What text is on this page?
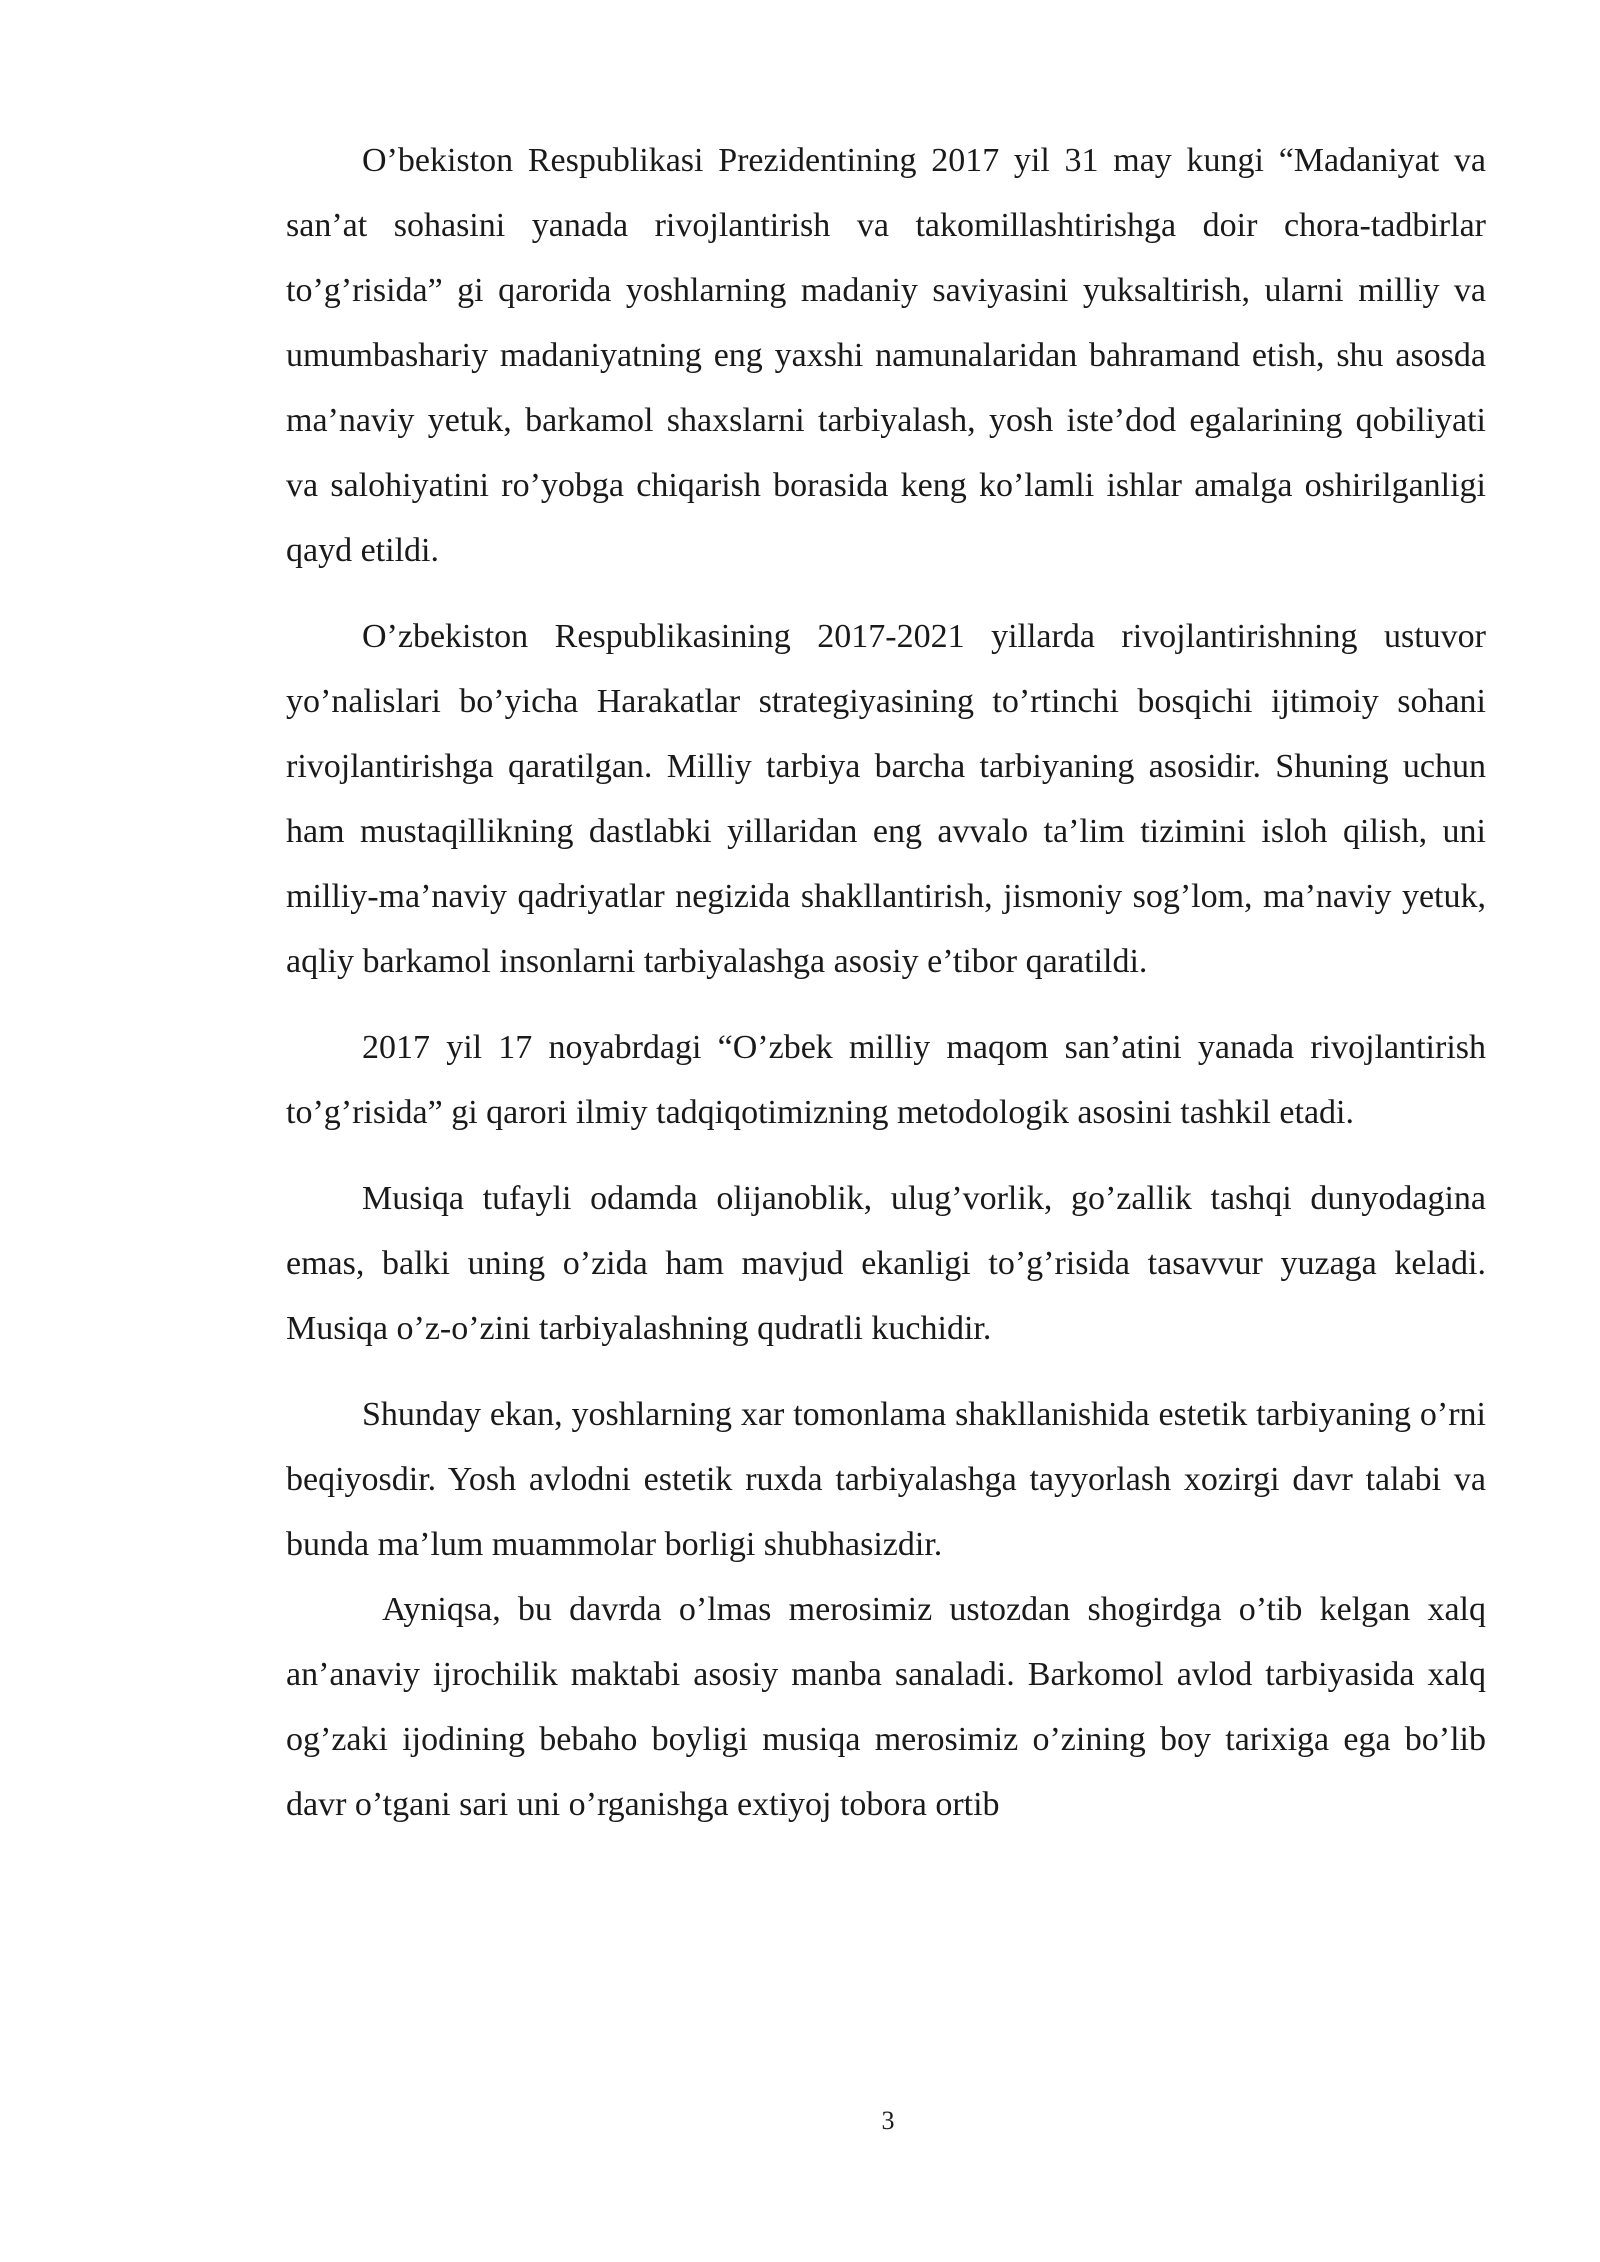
O’bekiston Respublikasi Prezidentining 2017 yil 31 may kungi “Madaniyat va san’at sohasini yanada rivojlantirish va takomillashtirishga doir chora-tadbirlar to’g’risida” gi qarorida yoshlarning madaniy saviyasini yuksaltirish, ularni milliy va umumbashariy madaniyatning eng yaxshi namunalaridan bahramand etish, shu asosda ma’naviy yetuk, barkamol shaxslarni tarbiyalash, yosh iste’dod egalarining qobiliyati va salohiyatini ro’yobga chiqarish borasida keng ko’lamli ishlar amalga oshirilganligi qayd etildi.

O’zbekiston Respublikasining 2017-2021 yillarda rivojlantirishning ustuvor yo’nalislari bo’yicha Harakatlar strategiyasining to’rtinchi bosqichi ijtimoiy sohani rivojlantirishga qaratilgan. Milliy tarbiya barcha tarbiyaning asosidir. Shuning uchun ham mustaqillikning dastlabki yillaridan eng avvalo ta’lim tizimini isloh qilish, uni milliy-ma’naviy qadriyatlar negizida shakllantirish, jismoniy sog’lom, ma’naviy yetuk, aqliy barkamol insonlarni tarbiyalashga asosiy e’tibor qaratildi.

2017 yil 17 noyabrdagi “O’zbek milliy maqom san’atini yanada rivojlantirish to’g’risida” gi qarori ilmiy tadqiqotimizning metodologik asosini tashkil etadi.

Musiqa tufayli odamda olijanoblik, ulug’vorlik, go’zallik tashqi dunyodagina emas, balki uning o’zida ham mavjud ekanligi to’g’risida tasavvur yuzaga keladi. Musiqa o’z-o’zini tarbiyalashning qudratli kuchidir.

Shunday ekan, yoshlarning xar tomonlama shakllanishida estetik tarbiyaning o’rni beqiyosdir. Yosh avlodni estetik ruxda tarbiyalashga tayyorlash xozirgi davr talabi va bunda ma’lum muammolar borligi shubhasizdir.

Ayniqsa, bu davrda o’lmas merosimiz ustozdan shogirdga o’tib kelgan xalq an’anaviy ijrochilik maktabi asosiy manba sanaladi. Barkomol avlod tarbiyasida xalq og’zaki ijodining bebaho boyligi musiqa merosimiz o’zining boy tarixiga ega bo’lib davr o’tgani sari uni o’rganishga extiyoj tobora ortib

3
